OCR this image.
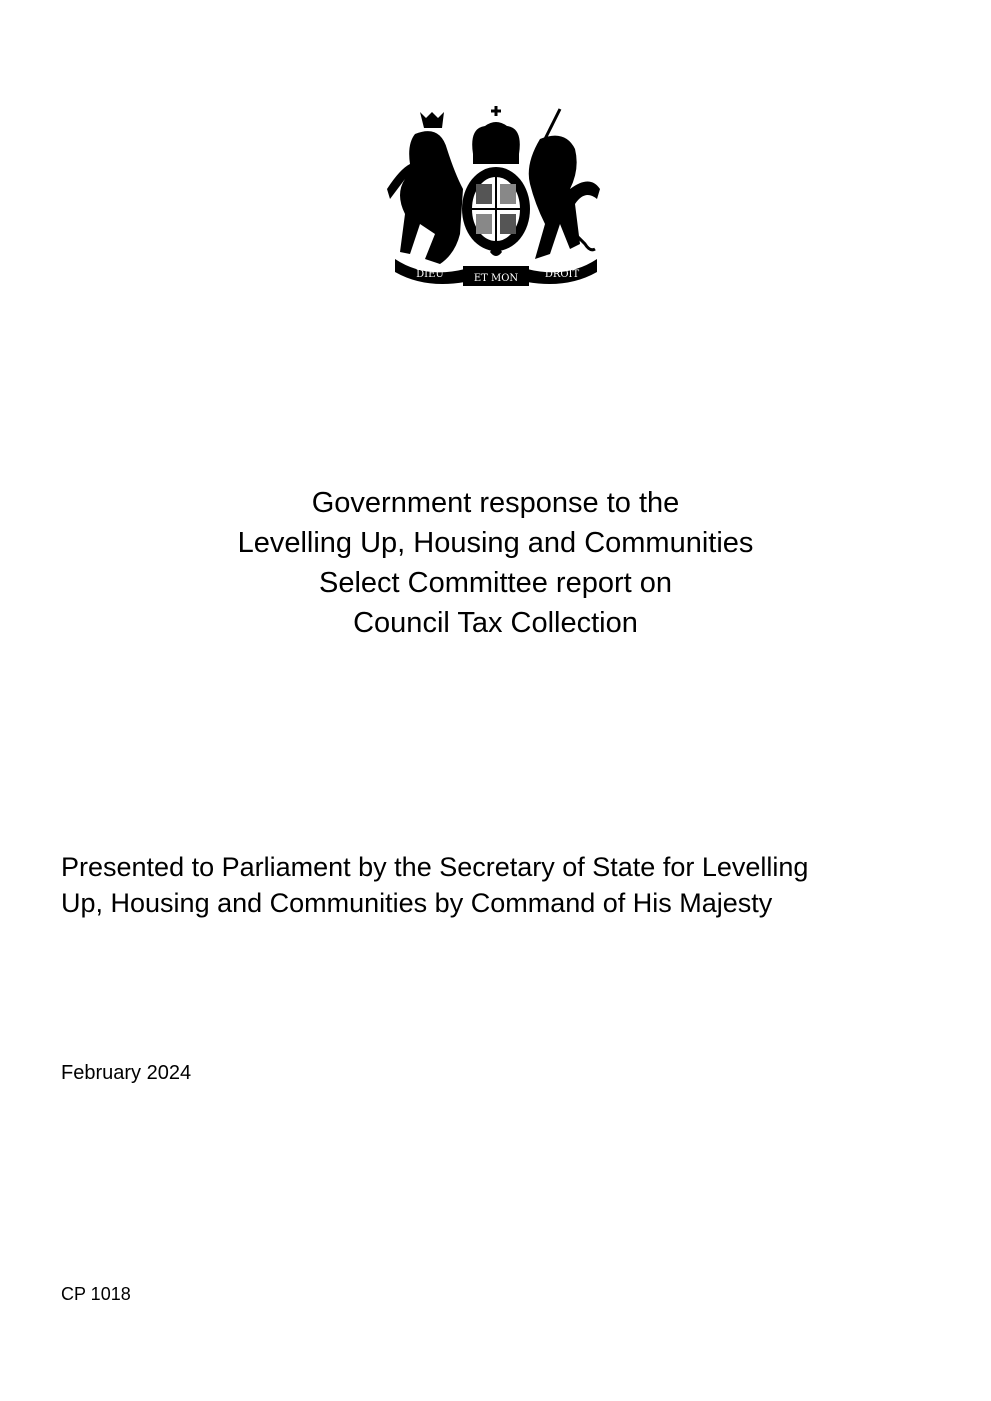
DIEU	ET MON	DROIT
Government response to the
Levelling Up, Housing and Communities
Select Committee report on
Council Tax Collection
Presented to Parliament by the Secretary of State for Levelling
Up, Housing and Communities by Command of His Majesty
February 2024
CP 1018
